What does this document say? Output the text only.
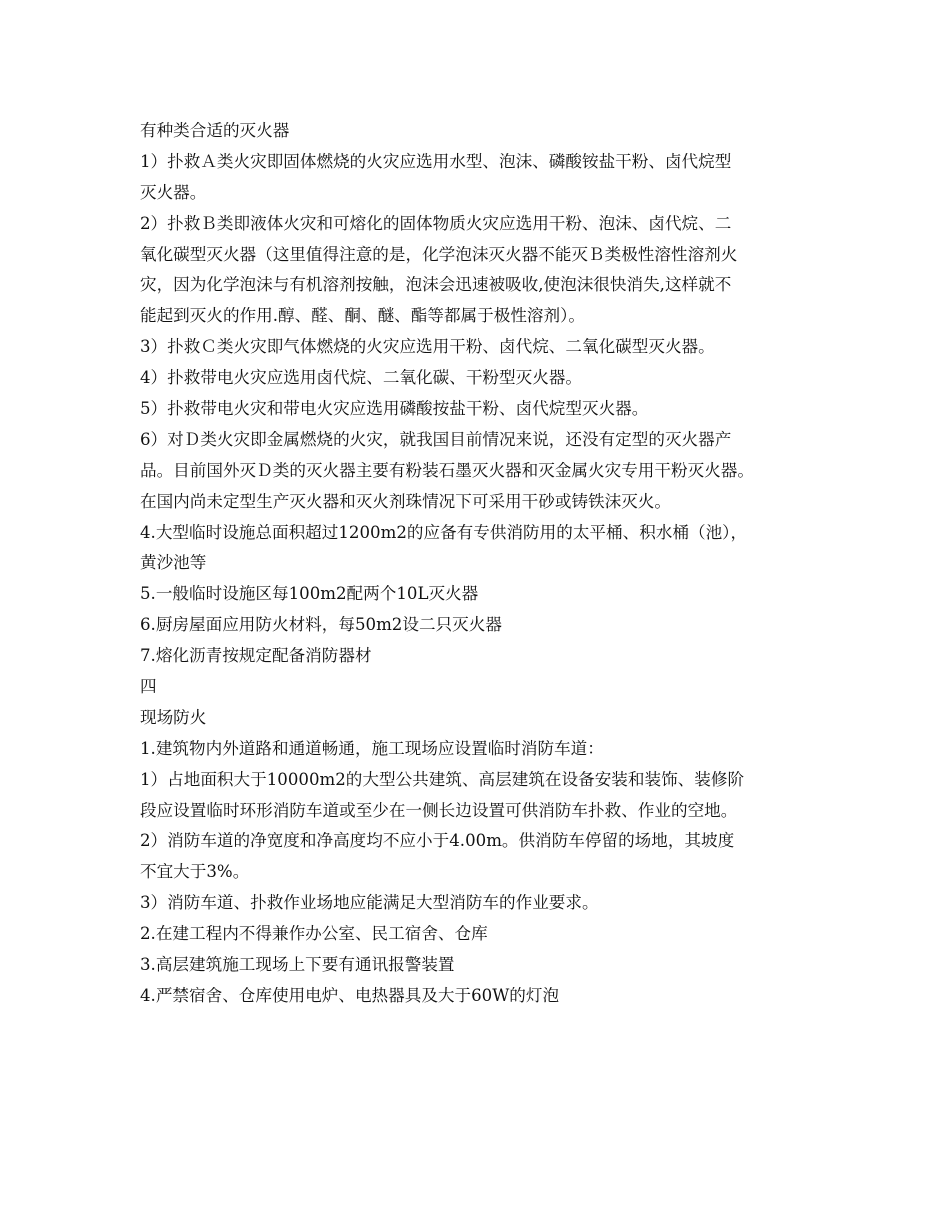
有种类合适的灭火器
1）扑救Ａ类火灾即固体燃烧的火灾应选用水型、泡沫、磷酸铵盐干粉、卤代烷型
灭火器。
2）扑救Ｂ类即液体火灾和可熔化的固体物质火灾应选用干粉、泡沫、卤代烷、二
氧化碳型灭火器（这里值得注意的是，化学泡沫灭火器不能灭Ｂ类极性溶性溶剂火
灾，因为化学泡沫与有机溶剂按触，泡沫会迅速被吸收,使泡沫很快消失,这样就不
能起到灭火的作用.醇、醛、酮、醚、酯等都属于极性溶剂）。
3）扑救Ｃ类火灾即气体燃烧的火灾应选用干粉、卤代烷、二氧化碳型灭火器。
4）扑救带电火灾应选用卤代烷、二氧化碳、干粉型灭火器。
5）扑救带电火灾和带电火灾应选用磷酸按盐干粉、卤代烷型灭火器。
6）对Ｄ类火灾即金属燃烧的火灾，就我国目前情况来说，还没有定型的灭火器产
品。目前国外灭Ｄ类的灭火器主要有粉装石墨灭火器和灭金属火灾专用干粉灭火器。
在国内尚未定型生产灭火器和灭火剂珠情况下可采用干砂或铸铁沫灭火。
4.大型临时设施总面积超过1200m2的应备有专供消防用的太平桶、积水桶（池），
黄沙池等
5.一般临时设施区每100m2配两个10L灭火器
6.厨房屋面应用防火材料，每50m2设二只灭火器
7.熔化沥青按规定配备消防器材
四
现场防火
1.建筑物内外道路和通道畅通，施工现场应设置临时消防车道：
1）占地面积大于10000m2的大型公共建筑、高层建筑在设备安装和装饰、装修阶
段应设置临时环形消防车道或至少在一侧长边设置可供消防车扑救、作业的空地。
2）消防车道的净宽度和净高度均不应小于4.00m。供消防车停留的场地，其坡度
不宜大于3%。
3）消防车道、扑救作业场地应能满足大型消防车的作业要求。
2.在建工程内不得兼作办公室、民工宿舍、仓库
3.高层建筑施工现场上下要有通讯报警装置
4.严禁宿舍、仓库使用电炉、电热器具及大于60W的灯泡
